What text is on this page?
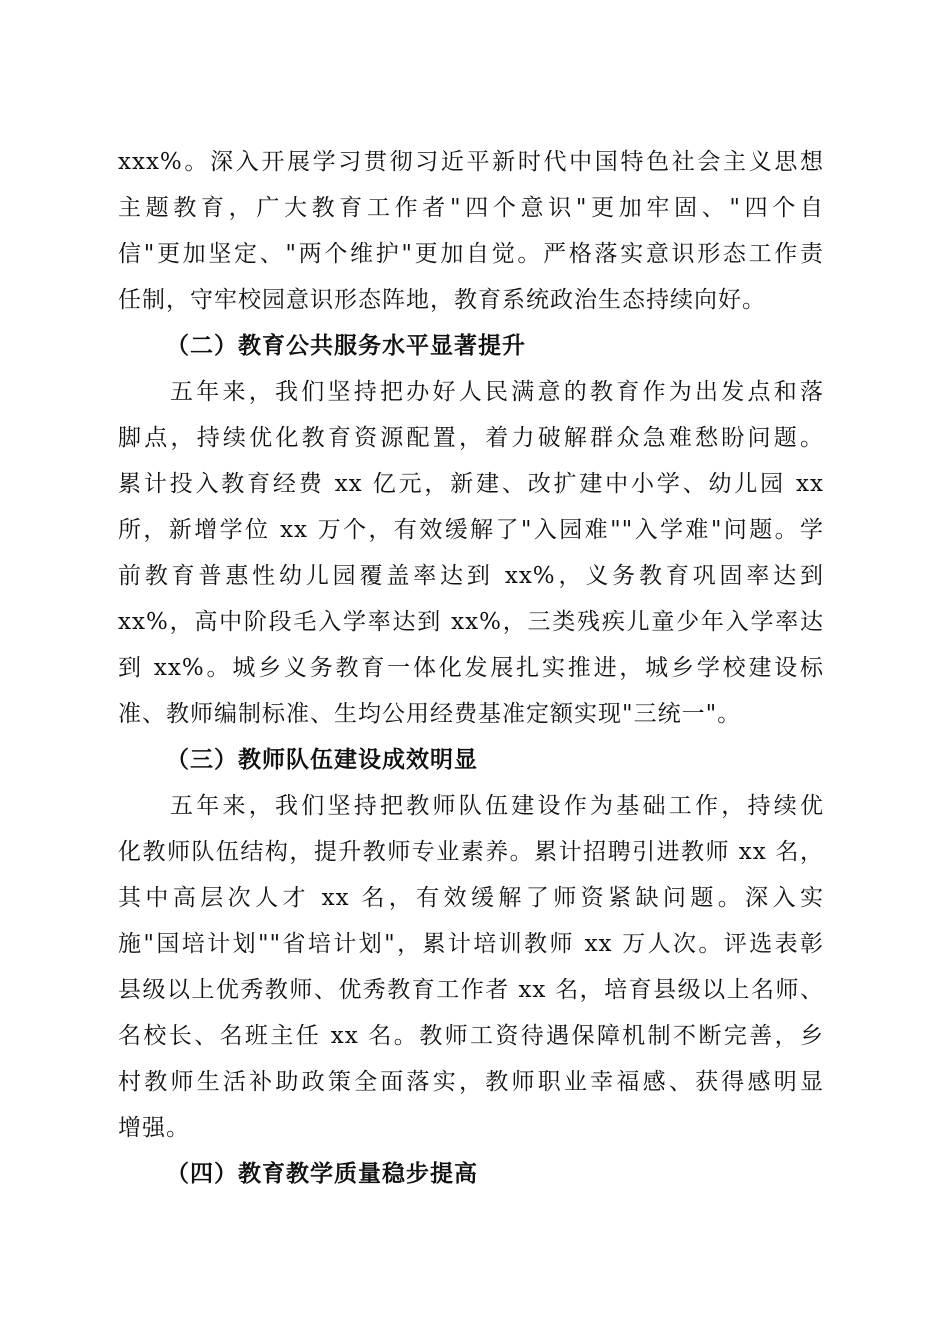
xxx%。深入开展学习贯彻习近平新时代中国特色社会主义思想
主题教育，广大教育工作者"四个意识"更加牢固、"四个自
信"更加坚定、"两个维护"更加自觉。严格落实意识形态工作责
任制，守牢校园意识形态阵地，教育系统政治生态持续向好。
（二）教育公共服务水平显著提升
五年来，我们坚持把办好人民满意的教育作为出发点和落
脚点，持续优化教育资源配置，着力破解群众急难愁盼问题。
累计投入教育经费 xx 亿元，新建、改扩建中小学、幼儿园 xx
所，新增学位 xx 万个，有效缓解了"入园难""入学难"问题。学
前教育普惠性幼儿园覆盖率达到 xx%，义务教育巩固率达到
xx%，高中阶段毛入学率达到 xx%，三类残疾儿童少年入学率达
到 xx%。城乡义务教育一体化发展扎实推进，城乡学校建设标
准、教师编制标准、生均公用经费基准定额实现"三统一"。
（三）教师队伍建设成效明显
五年来，我们坚持把教师队伍建设作为基础工作，持续优
化教师队伍结构，提升教师专业素养。累计招聘引进教师 xx 名，
其中高层次人才 xx 名，有效缓解了师资紧缺问题。深入实
施"国培计划""省培计划"，累计培训教师 xx 万人次。评选表彰
县级以上优秀教师、优秀教育工作者 xx 名，培育县级以上名师、
名校长、名班主任 xx 名。教师工资待遇保障机制不断完善，乡
村教师生活补助政策全面落实，教师职业幸福感、获得感明显
增强。
（四）教育教学质量稳步提高
